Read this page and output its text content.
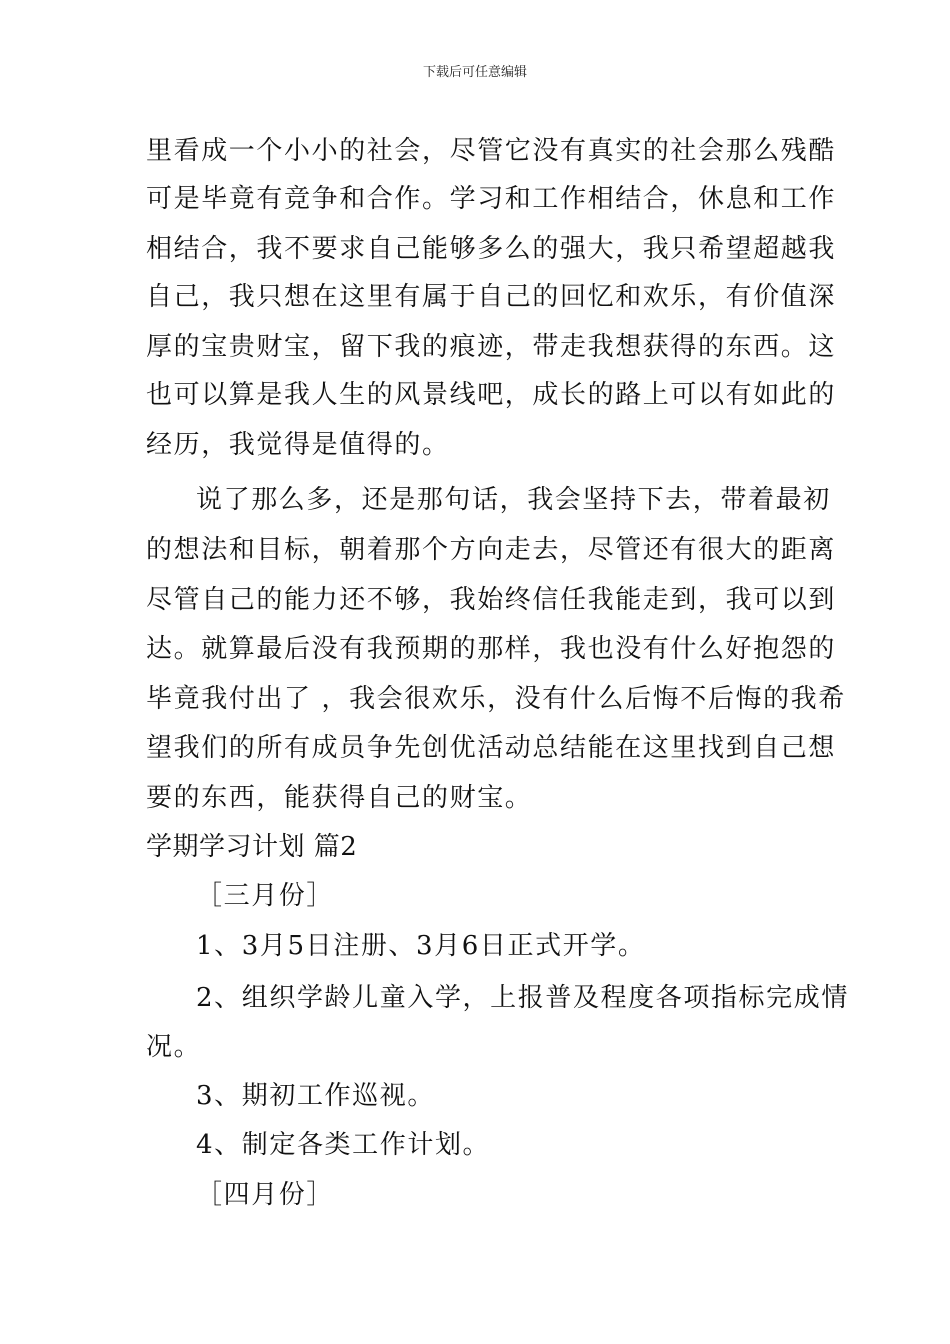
下载后可任意编辑
里看成一个小小的社会，尽管它没有真实的社会那么残酷
可是毕竟有竞争和合作。学习和工作相结合，休息和工作
相结合，我不要求自己能够多么的强大，我只希望超越我
自己，我只想在这里有属于自己的回忆和欢乐，有价值深
厚的宝贵财宝，留下我的痕迹，带走我想获得的东西。这
也可以算是我人生的风景线吧，成长的路上可以有如此的
经历，我觉得是值得的。
说了那么多，还是那句话，我会坚持下去，带着最初
的想法和目标，朝着那个方向走去，尽管还有很大的距离
尽管自己的能力还不够，我始终信任我能走到，我可以到
达。就算最后没有我预期的那样，我也没有什么好抱怨的
毕竟我付出了 ，我会很欢乐，没有什么后悔不后悔的我希
望我们的所有成员争先创优活动总结能在这里找到自己想
要的东西，能获得自己的财宝。
学期学习计划 篇2
［三月份］
1、3月5日注册、3月6日正式开学。
2、组织学龄儿童入学，上报普及程度各项指标完成情
况。
3、期初工作巡视。
4、制定各类工作计划。
［四月份］
